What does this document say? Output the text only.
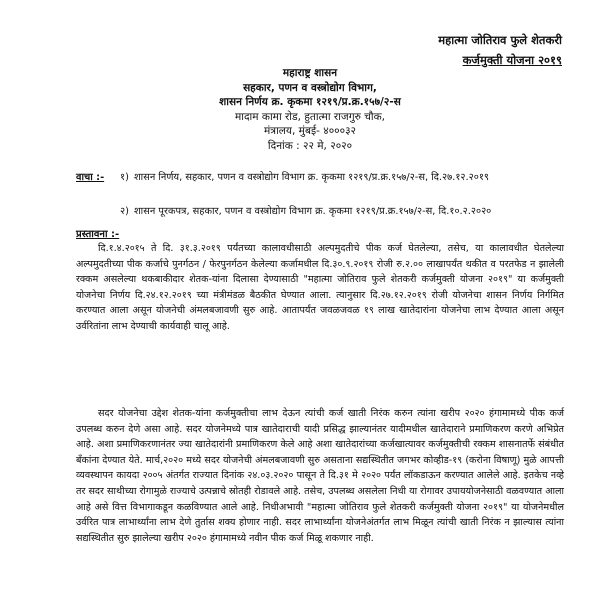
महात्मा जोतिराव फुले शेतकरी
कर्जमुक्ती योजना २०१९
महाराष्ट्र शासन
सहकार, पणन व वस्त्रोद्योग विभाग,
शासन निर्णय क्र. कृकमा १२१९/प्र.क्र.१५७/२-स
मादाम कामा रोड, हुतात्मा राजगुरु चौक,
मंत्रालय, मुंबई- ४०००३२
दिनांक : २२ मे, २०२०
वाचा :- १) शासन निर्णय, सहकार, पणन व वस्त्रोद्योग विभाग क्र. कृकमा १२१९/प्र.क्र.१५७/२-स, दि.२७.१२.२०१९
२) शासन पूरकपत्र, सहकार, पणन व वस्त्रोद्योग विभाग क्र. कृकमा १२१९/प्र.क्र.१५७/२-स, दि.१०.२.२०२०
प्रस्तावना :-

दि.१.४.२०१५ ते दि. ३१.३.२०१९ पर्यंतच्या कालावधीसाठी अल्पमुदतीचे पीक कर्ज घेतलेल्या, तसेच, या कालावधीत घेतलेल्या अल्पमुदतीच्या पीक कर्जाचे पुनर्गठन / फेरपुनर्गठन केलेल्या कर्जामधील दि.३०.९.२०१९ रोजी रु.२.०० लाखापर्यंत थकीत व परतफेड न झालेली रक्कम असलेल्या थकबाकीदार शेतक-यांना दिलासा देण्यासाठी "महात्मा जोतिराव फुले शेतकरी कर्जमुक्ती योजना २०१९" या कर्जमुक्ती योजनेचा निर्णय दि.२४.१२.२०१९ च्या मंत्रीमंडळ बैठकीत घेण्यात आला. त्यानुसार दि.२७.१२.२०१९ रोजी योजनेचा शासन निर्णय निर्गमित करण्यात आला असून योजनेची अंमलबजावणी सुरु आहे. आतापर्यंत जवळजवळ १९ लाख खातेदारांना योजनेचा लाभ देण्यात आला असून उर्वरितांना लाभ देण्याची कार्यवाही चालू आहे.

सदर योजनेचा उद्देश शेतक-यांना कर्जमुक्तीचा लाभ देऊन त्यांची कर्ज खाती निरंक करुन त्यांना खरीप २०२० हंगामामध्ये पीक कर्ज उपलब्ध करुन देणे असा आहे. सदर योजनेमध्ये पात्र खातेदाराची यादी प्रसिद्ध झाल्यानंतर यादीमधील खातेदाराने प्रमाणिकरण करणे अभिप्रेत आहे. अशा प्रमाणिकरणानंतर ज्या खातेदारांनी प्रमाणिकरण केले आहे अशा खातेदारांच्या कर्जखात्यावर कर्जमुक्तीची रक्कम शासनातर्फे संबंधीत बँकांना देण्यात येते. मार्च,२०२० मध्ये सदर योजनेची अंमलबजावणी सुरु असताना सद्यस्थितीत जगभर कोव्हीड-१९ (करोना विषाणू) मुळे आपत्ती व्यवस्थापन कायदा २००५ अंतर्गत राज्यात दिनांक २४.०३.२०२० पासून ते दि.३१ मे २०२० पर्यंत लॉकडाऊन करण्यात आलेले आहे. इतकेच नव्हे तर सदर साथीच्या रोगामुळे राज्याचे उत्पन्नाचे स्रोतही रोडावले आहे. तसेच, उपलब्ध असलेला निधी या रोगावर उपाययोजनेसाठी वळवण्यात आला आहे असे वित्त विभागाकडून कळविण्यात आले आहे. निधीअभावी "महात्मा जोतिराव फुले शेतकरी कर्जमुक्ती योजना २०१९" या योजनेमधील उर्वरित पात्र लाभार्थ्यांना लाभ देणे तुर्तास शक्य होणार नाही. सदर लाभार्थ्यांना योजनेअंतर्गत लाभ मिळून त्यांची खाती निरंक न झाल्यास त्यांना सद्यस्थितीत सुरु झालेल्या खरीप २०२० हंगामामध्ये नवीन पीक कर्ज मिळू शकणार नाही.
